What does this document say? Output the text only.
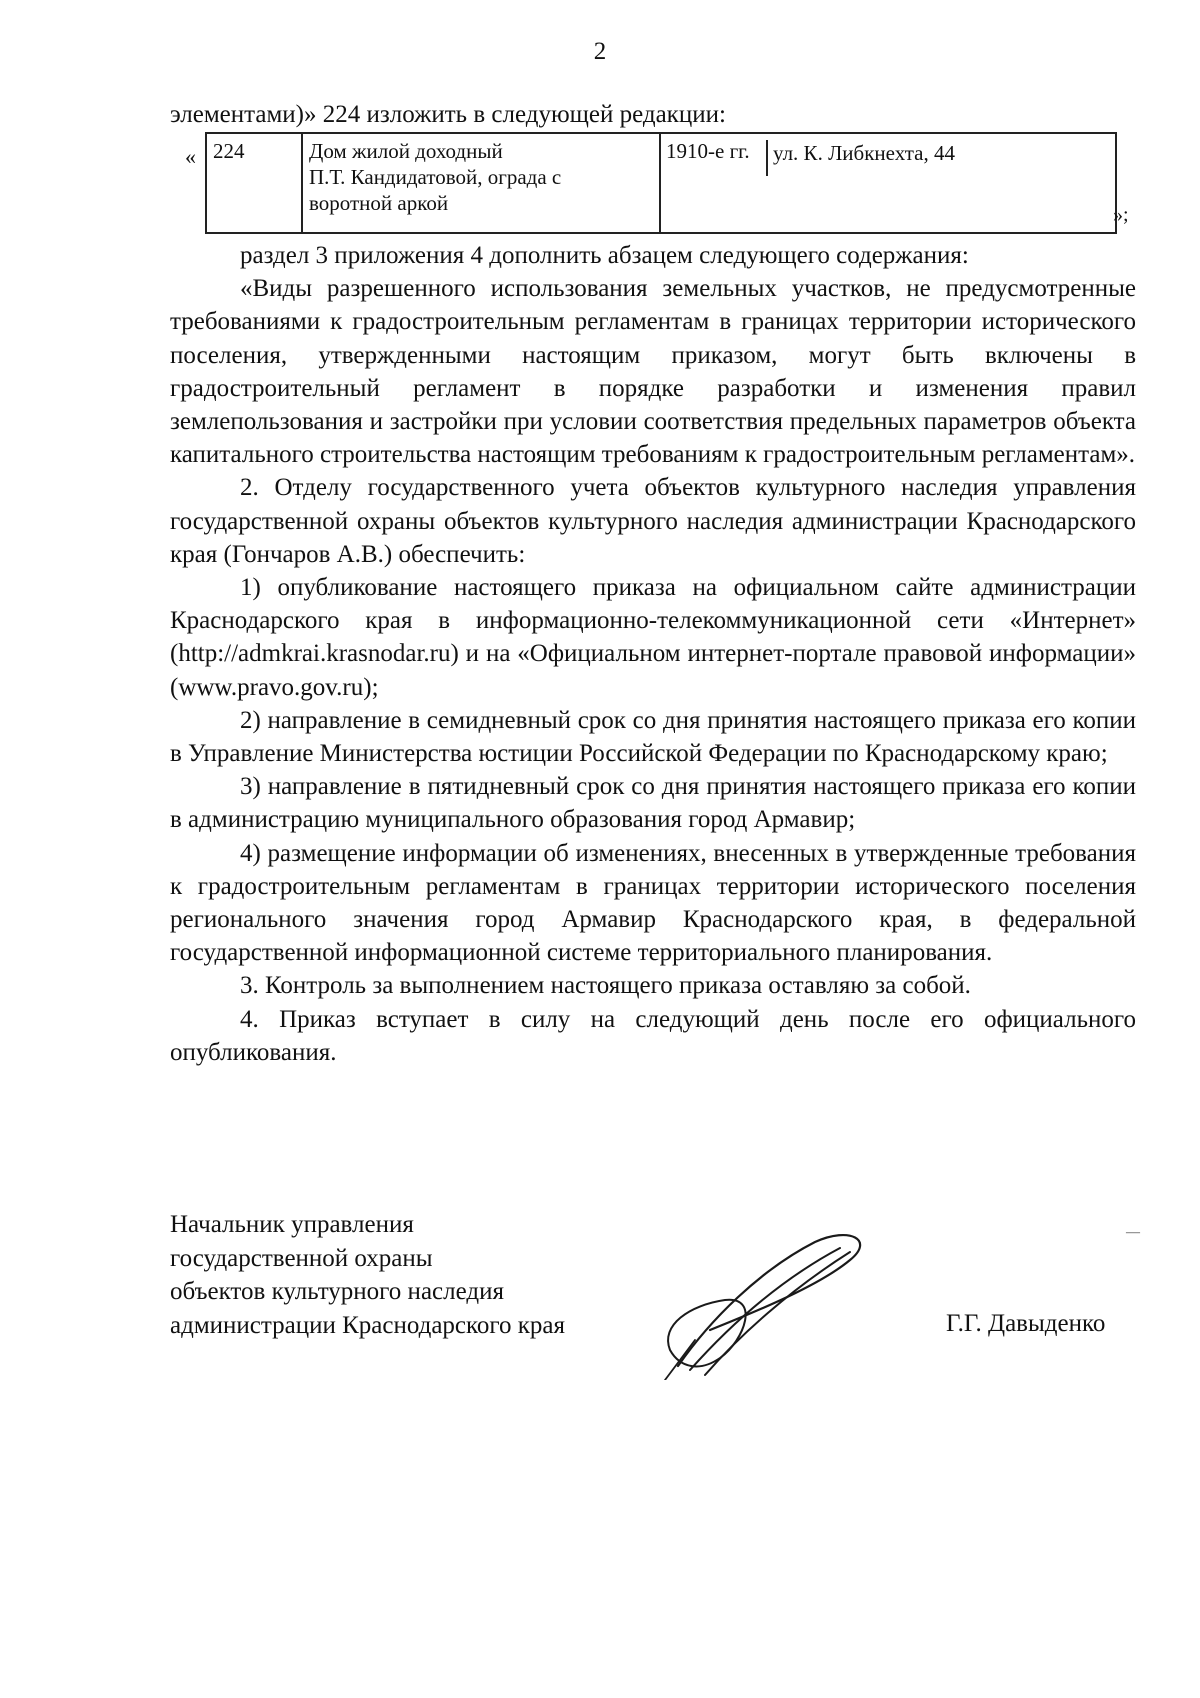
2
элементами)» 224 изложить в следующей редакции:
« 224	Дом жилой доходный
П.Т. Кандидатовой, ограда с
воротной аркой
1910-е гг. ул. К. Либкнехта, 44
»;

раздел 3 приложения 4 дополнить абзацем следующего содержания:

«Виды разрешенного использования земельных участков, не предусмотренные требованиями к градостроительным регламентам в границах территории исторического поселения, утвержденными настоящим приказом, могут быть включены в градостроительный регламент в порядке разработки и изменения правил землепользования и застройки при условии соответствия предельных параметров объекта капитального строительства настоящим требованиям к градостроительным регламентам».

2. Отделу государственного учета объектов культурного наследия управления государственной охраны объектов культурного наследия администрации Краснодарского края (Гончаров А.В.) обеспечить:

1) опубликование настоящего приказа на официальном сайте администрации Краснодарского края в информационно-телекоммуникационной сети «Интернет» (http://admkrai.krasnodar.ru) и на «Официальном интернет-портале правовой информации» (www.pravo.gov.ru);

2) направление в семидневный срок со дня принятия настоящего приказа его копии в Управление Министерства юстиции Российской Федерации по Краснодарскому краю;

3) направление в пятидневный срок со дня принятия настоящего приказа его копии в администрацию муниципального образования город Армавир;

4) размещение информации об изменениях, внесенных в утвержденные требования к градостроительным регламентам в границах территории исторического поселения регионального значения город Армавир Краснодарского края, в федеральной государственной информационной системе территориального планирования.

3. Контроль за выполнением настоящего приказа оставляю за собой.

4. Приказ вступает в силу на следующий день после его официального опубликования.

Начальник управления
государственной охраны
объектов культурного наследия
администрации Краснодарского края
—
Г.Г. Давыденко
